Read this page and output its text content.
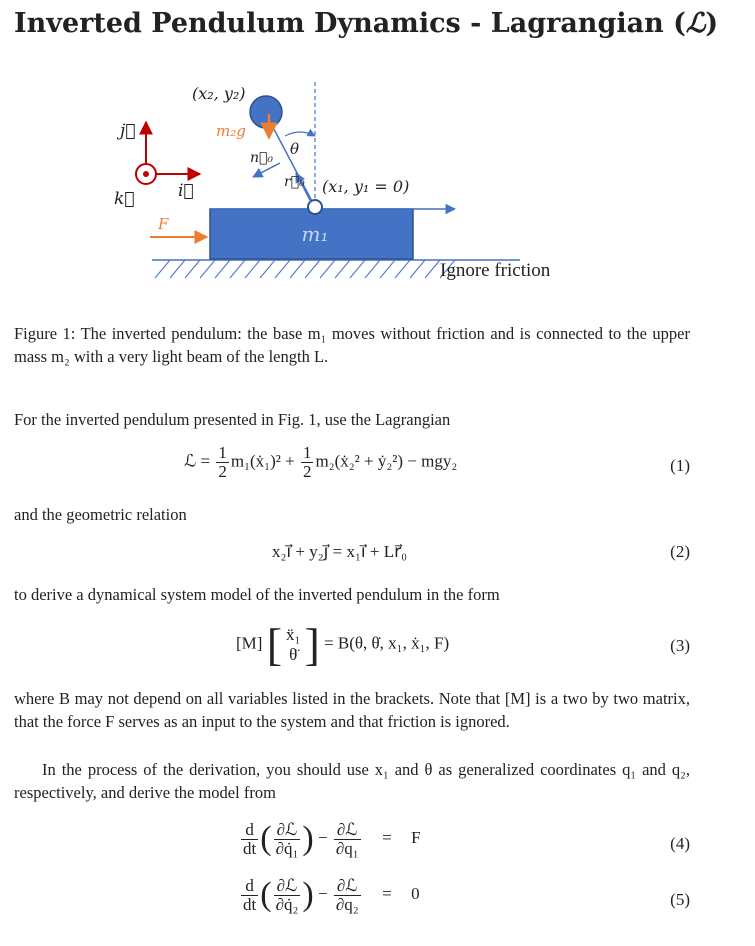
Inverted Pendulum Dynamics - Lagrangian (ℒ)
m₁
F
m₂g
θ
r⃗₀
n⃗₀
(x₂, y₂)
(x₁, y₁ = 0)
j⃗
i⃗
k⃗
Ignore friction

Figure 1: The inverted pendulum: the base m₁ moves without friction and is connected to the upper mass m₂ with a very light beam of the length L.

For the inverted pendulum presented in Fig. 1, use the Lagrangian

ℒ = $\frac{1}{2}$ m₁(ẋ₁)² + $\frac{1}{2}$ m₂(ẋ₂² + ẏ₂²) − mgy₂	(1)

and the geometric relation

x₂i⃗ + y₂j⃗ = x₁i⃗ + Lr⃗₀	(2)

to derive a dynamical system model of the inverted pendulum in the form

[M] [ ẍ₁
θ̈ ] = B(θ, θ̇, x₁, ẋ₁, F)	(3)

where B may not depend on all variables listed in the brackets. Note that [M] is a two by two matrix, that the force F serves as an input to the system and that friction is ignored.

In the process of the derivation, you should use x₁ and θ as generalized coordinates q₁ and q₂, respectively, and derive the model from

$\frac{d}{dt}$ ( $\frac{\text{∂ℒ}}{\text{∂q̇₁}}$ ) − $\frac{\text{∂ℒ}}{\text{∂q₁}} = F$	(4)
$\frac{d}{dt}$ ( $\frac{\text{∂ℒ}}{\text{∂q̇₂}}$ ) − $\frac{\text{∂ℒ}}{\text{∂q₂}} = 0$	(5)
